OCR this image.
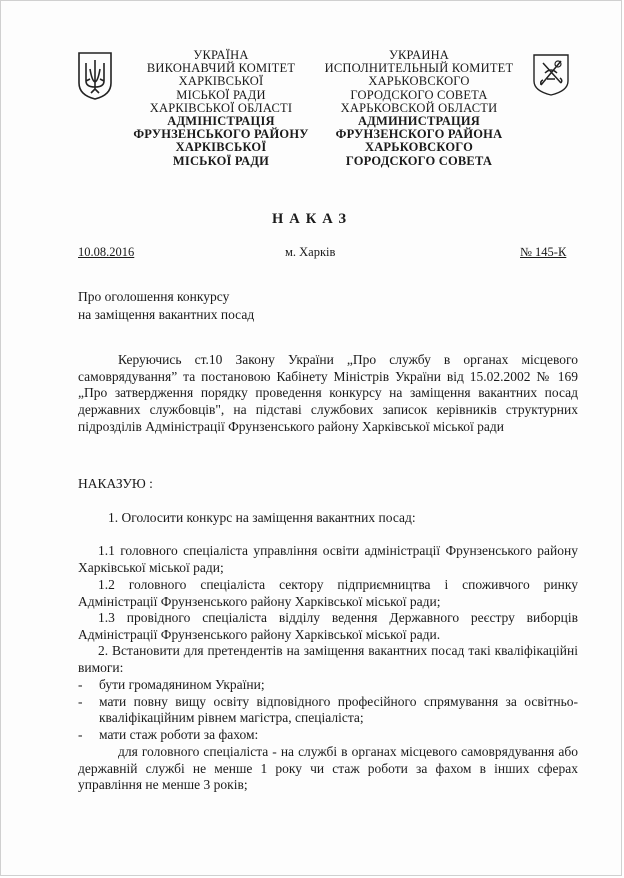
УКРАЇНА
ВИКОНАВЧИЙ КОМІТЕТ
ХАРКІВСЬКОЇ
МІСЬКОЇ РАДИ
ХАРКІВСЬКОЇ ОБЛАСТІ
АДМІНІСТРАЦІЯ
ФРУНЗЕНСЬКОГО РАЙОНУ
ХАРКІВСЬКОЇ
МІСЬКОЇ РАДИ
УКРАИНА
ИСПОЛНИТЕЛЬНЫЙ КОМИТЕТ
ХАРЬКОВСКОГО
ГОРОДСКОГО СОВЕТА
ХАРЬКОВСКОЙ ОБЛАСТИ
АДМИНИСТРАЦИЯ
ФРУНЗЕНСКОГО РАЙОНА
ХАРЬКОВСКОГО
ГОРОДСКОГО СОВЕТА
НАКАЗ
10.08.2016	м. Харків	№ 145-К
Про оголошення конкурсу
на заміщення вакантних посад

Керуючись ст.10 Закону України „Про службу в органах місцевого самоврядування” та постановою Кабінету Міністрів України від 15.02.2002 № 169 „Про затвердження порядку проведення конкурсу на заміщення вакантних посад державних службовців", на підставі службових записок керівників структурних підрозділів Адміністрації Фрунзенського району Харківської міської ради

НАКАЗУЮ :

1. Оголосити конкурс на заміщення вакантних посад:

1.1 головного спеціаліста управління освіти адміністрації Фрунзенського району Харківської міської ради;

1.2 головного спеціаліста сектору підприємництва і споживчого ринку Адміністрації Фрунзенського району Харківської міської ради;

1.3 провідного спеціаліста відділу ведення Державного реєстру виборців Адміністрації Фрунзенського району Харківської міської ради.

2. Встановити для претендентів на заміщення вакантних посад такі кваліфікаційні вимоги:

-	бути громадянином України;
-	мати повну вищу освіту відповідного професійного спрямування за освітньо-кваліфікаційним рівнем магістра, спеціаліста;
-	мати стаж роботи за фахом:

для головного спеціаліста - на службі в органах місцевого самоврядування або державній службі не менше 1 року чи стаж роботи за фахом в інших сферах управління не менше 3 років;
